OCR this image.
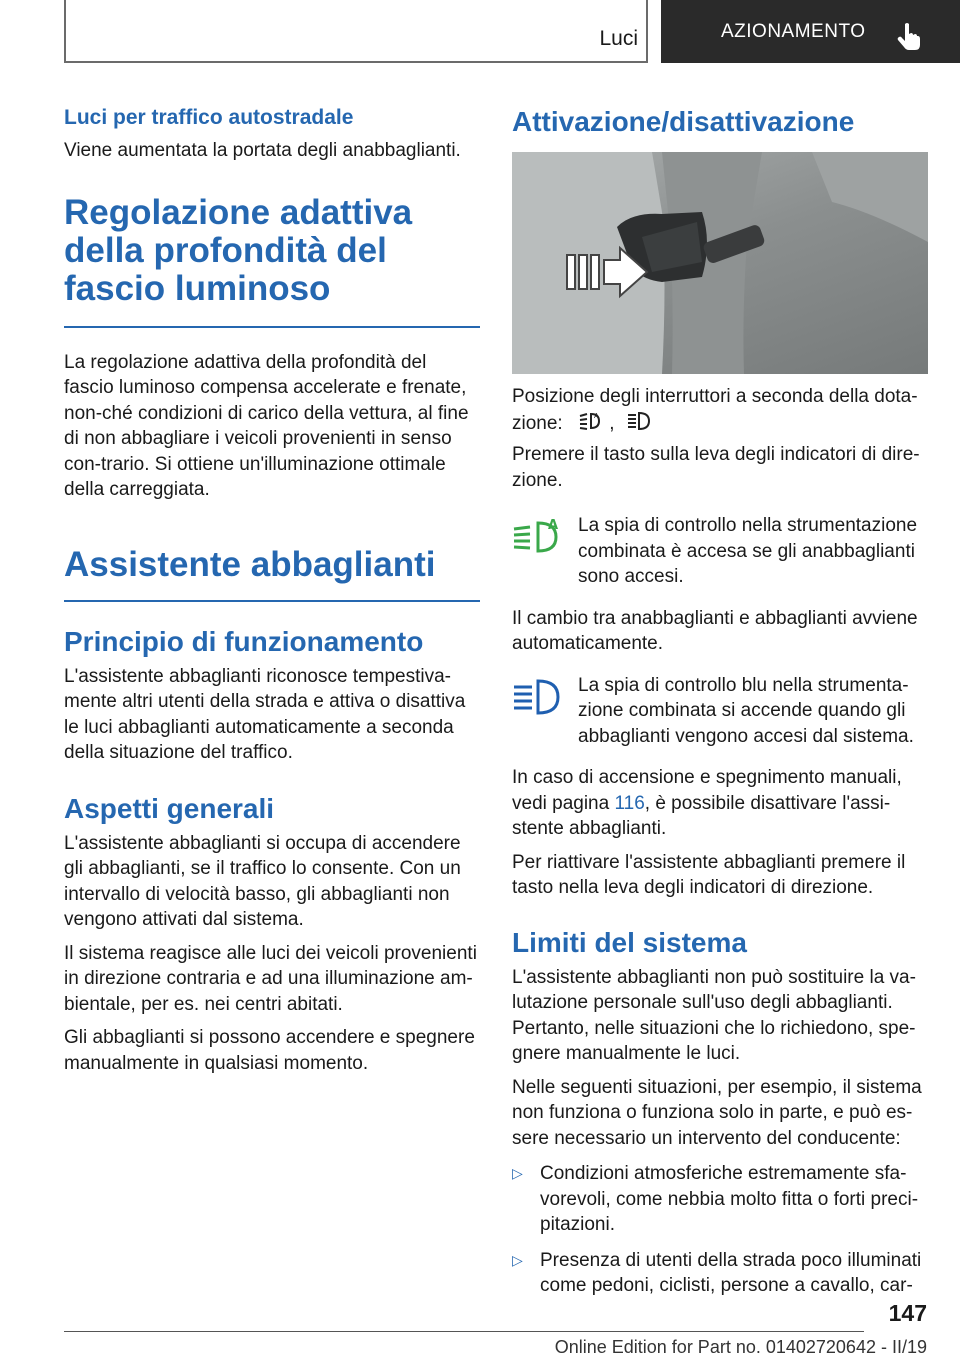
Luci	AZIONAMENTO
Luci per traffico autostradale

Viene aumentata la portata degli anabbaglianti.

Regolazione adattiva della profondità del fascio luminoso

La regolazione adattiva della profondità del fascio luminoso compensa accelerate e frenate, non-ché condizioni di carico della vettura, al fine di non abbagliare i veicoli provenienti in senso con-trario. Si ottiene un'illuminazione ottimale della carreggiata.

Assistente abbaglianti
Principio di funzionamento

L'assistente abbaglianti riconosce tempestiva-mente altri utenti della strada e attiva o disattiva le luci abbaglianti automaticamente a seconda della situazione del traffico.

Aspetti generali

L'assistente abbaglianti si occupa di accendere gli abbaglianti, se il traffico lo consente. Con un intervallo di velocità basso, gli abbaglianti non vengono attivati dal sistema.

Il sistema reagisce alle luci dei veicoli provenienti in direzione contraria e ad una illuminazione am-bientale, per es. nei centri abitati.

Gli abbaglianti si possono accendere e spegnere manualmente in qualsiasi momento.

Attivazione/disattivazione

Posizione degli interruttori a seconda della dota-zione:	A ,

Premere il tasto sulla leva degli indicatori di dire-zione.

A La spia di controllo nella strumentazione combinata è accesa se gli anabbaglianti sono accesi.

Il cambio tra anabbaglianti e abbaglianti avviene automaticamente.

La spia di controllo blu nella strumenta-zione combinata si accende quando gli abbaglianti vengono accesi dal sistema.

In caso di accensione e spegnimento manuali, vedi pagina 116, è possibile disattivare l'assi-stente abbaglianti.

Per riattivare l'assistente abbaglianti premere il tasto nella leva degli indicatori di direzione.

Limiti del sistema

L'assistente abbaglianti non può sostituire la va-lutazione personale sull'uso degli abbaglianti. Pertanto, nelle situazioni che lo richiedono, spe-gnere manualmente le luci.

Nelle seguenti situazioni, per esempio, il sistema non funziona o funziona solo in parte, e può es-sere necessario un intervento del conducente:

▷ Condizioni atmosferiche estremamente sfa-vorevoli, come nebbia molto fitta o forti preci-pitazioni.

▷ Presenza di utenti della strada poco illuminati come pedoni, ciclisti, persone a cavallo, car-

147
Online Edition for Part no. 01402720642 - II/19
